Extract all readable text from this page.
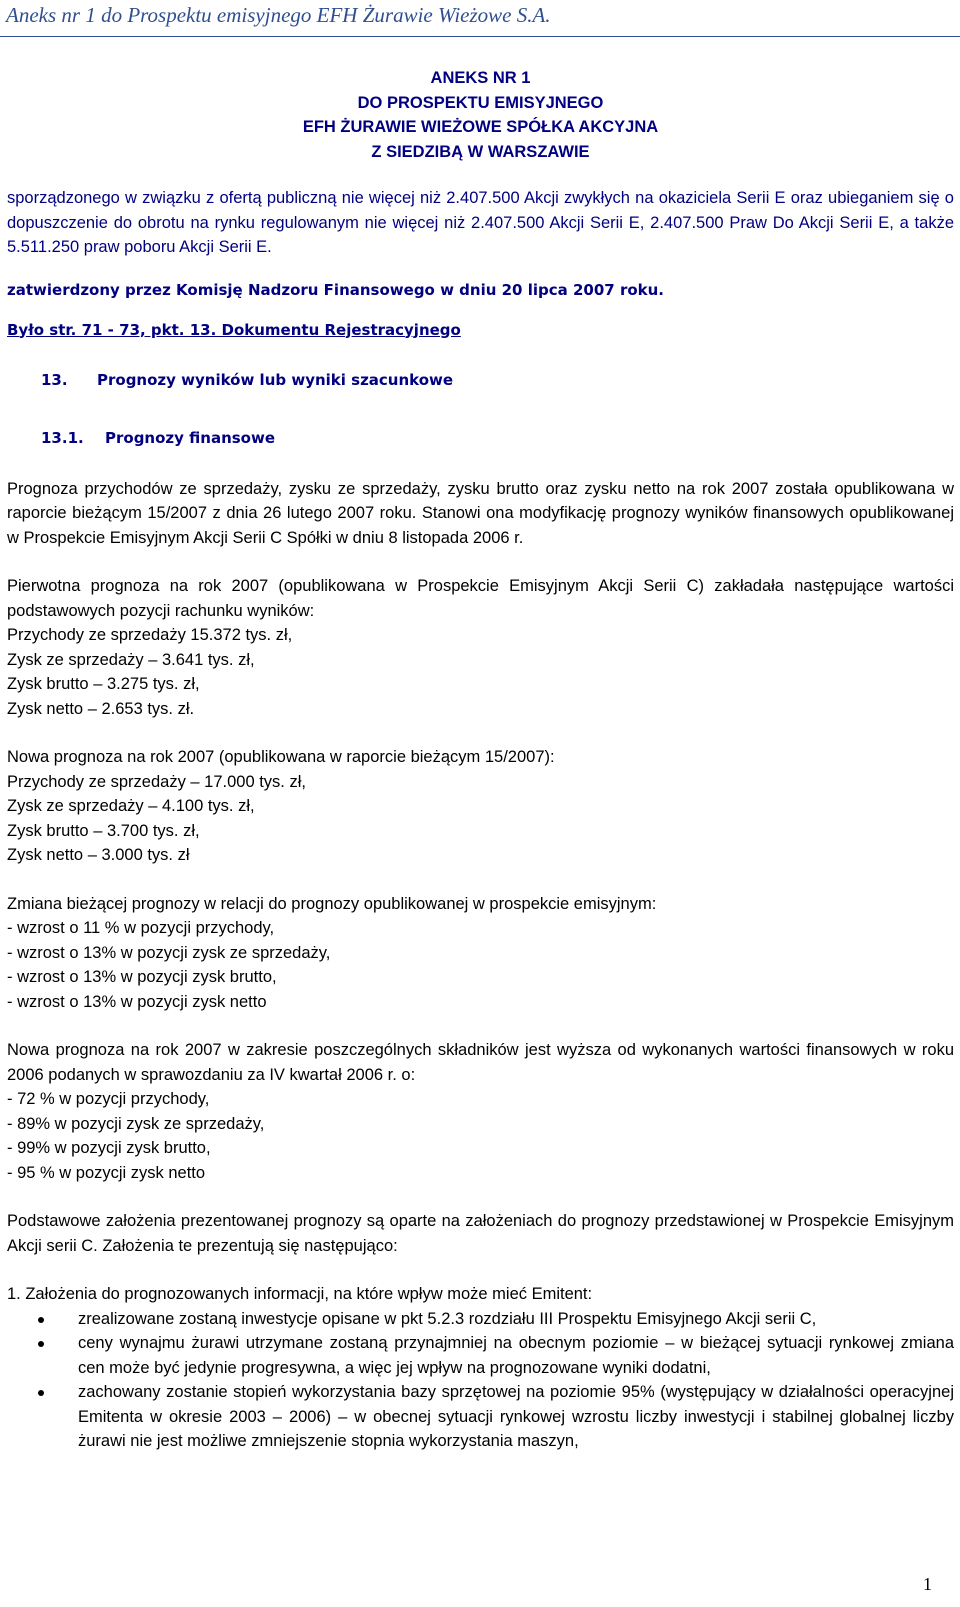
Aneks nr 1 do Prospektu emisyjnego EFH Żurawie Wieżowe S.A.
ANEKS NR 1
DO PROSPEKTU EMISYJNEGO
EFH ŻURAWIE WIEŻOWE SPÓŁKA AKCYJNA
Z SIEDZIBĄ W WARSZAWIE
sporządzonego w związku z ofertą publiczną nie więcej niż 2.407.500 Akcji zwykłych na okaziciela Serii E oraz ubieganiem się o dopuszczenie do obrotu na rynku regulowanym nie więcej niż 2.407.500 Akcji Serii E, 2.407.500 Praw Do Akcji Serii E, a także 5.511.250 praw poboru Akcji Serii E.
zatwierdzony przez Komisję Nadzoru Finansowego w dniu 20 lipca 2007 roku.
Było str. 71 - 73, pkt. 13. Dokumentu Rejestracyjnego
13. Prognozy wyników lub wyniki szacunkowe
13.1. Prognozy finansowe
Prognoza przychodów ze sprzedaży, zysku ze sprzedaży, zysku brutto oraz zysku netto na rok 2007 została opublikowana w raporcie bieżącym 15/2007 z dnia 26 lutego 2007 roku. Stanowi ona modyfikację prognozy wyników finansowych opublikowanej w Prospekcie Emisyjnym Akcji Serii C Spółki w dniu 8 listopada 2006 r.
Pierwotna prognoza na rok 2007 (opublikowana w Prospekcie Emisyjnym Akcji Serii C) zakładała następujące wartości podstawowych pozycji rachunku wyników:
Przychody ze sprzedaży 15.372 tys. zł,
Zysk ze sprzedaży – 3.641 tys. zł,
Zysk brutto – 3.275 tys. zł,
Zysk netto – 2.653 tys. zł.
Nowa prognoza na rok 2007 (opublikowana w raporcie bieżącym 15/2007):
Przychody ze sprzedaży – 17.000 tys. zł,
Zysk ze sprzedaży – 4.100 tys. zł,
Zysk brutto – 3.700 tys. zł,
Zysk netto – 3.000 tys. zł
Zmiana bieżącej prognozy w relacji do prognozy opublikowanej w prospekcie emisyjnym:
- wzrost o 11 % w pozycji przychody,
- wzrost o 13% w pozycji zysk ze sprzedaży,
- wzrost o 13% w pozycji zysk brutto,
- wzrost o 13% w pozycji zysk netto
Nowa prognoza na rok 2007 w zakresie poszczególnych składników jest wyższa od wykonanych wartości finansowych w roku 2006 podanych w sprawozdaniu za IV kwartał 2006 r. o:
- 72 % w pozycji przychody,
- 89% w pozycji zysk ze sprzedaży,
- 99% w pozycji zysk brutto,
- 95 % w pozycji zysk netto
Podstawowe założenia prezentowanej prognozy są oparte na założeniach do prognozy przedstawionej w Prospekcie Emisyjnym Akcji serii C. Założenia te prezentują się następująco:
1. Założenia do prognozowanych informacji, na które wpływ może mieć Emitent:
zrealizowane zostaną inwestycje opisane w pkt 5.2.3 rozdziału III Prospektu Emisyjnego Akcji serii C,
ceny wynajmu żurawi utrzymane zostaną przynajmniej na obecnym poziomie – w bieżącej sytuacji rynkowej zmiana cen może być jedynie progresywna, a więc jej wpływ na prognozowane wyniki dodatni,
zachowany zostanie stopień wykorzystania bazy sprzętowej na poziomie 95% (występujący w działalności operacyjnej Emitenta w okresie 2003 – 2006) – w obecnej sytuacji rynkowej wzrostu liczby inwestycji i stabilnej globalnej liczby żurawi nie jest możliwe zmniejszenie stopnia wykorzystania maszyn,
1
